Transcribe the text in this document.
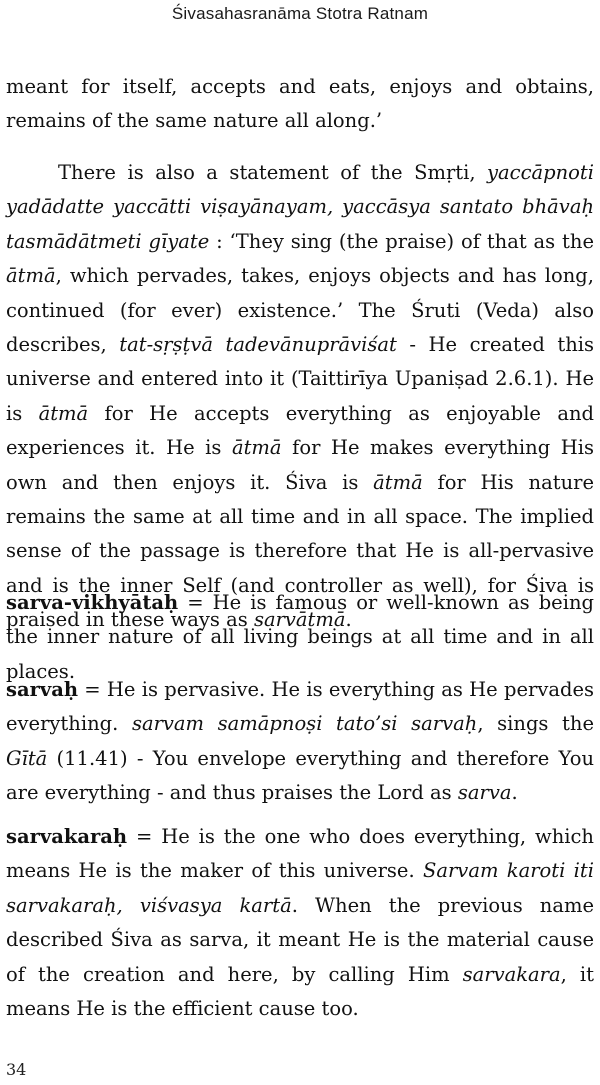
Śivasahasranāma Stotra Ratnam

meant for itself, accepts and eats, enjoys and obtains, remains of the same nature all along.’

There is also a statement of the Smṛti, yaccāpnoti yadādatte yaccātti viṣayānayam, yaccāsya santato bhāvaḥ tasmādātmeti gīyate : ‘They sing (the praise) of that as the ātmā, which pervades, takes, enjoys objects and has long, continued (for ever) existence.’ The Śruti (Veda) also describes, tat-sṛṣṭvā tadevānuprāviśat - He created this universe and entered into it (Taittirīya Upaniṣad 2.6.1). He is ātmā for He accepts everything as enjoyable and experiences it. He is ātmā for He makes everything His own and then enjoys it. Śiva is ātmā for His nature remains the same at all time and in all space. The implied sense of the passage is therefore that He is all-pervasive and is the inner Self (and controller as well), for Śiva is praised in these ways as sarvātmā.

sarva-vikhyātaḥ = He is famous or well-known as being the inner nature of all living beings at all time and in all places.

sarvaḥ = He is pervasive. He is everything as He pervades everything. sarvam samāpnoṣi tato’si sarvaḥ, sings the Gītā (11.41) - You envelope everything and therefore You are everything - and thus praises the Lord as sarva.

sarvakaraḥ = He is the one who does everything, which means He is the maker of this universe. Sarvam karoti iti sarvakaraḥ, viśvasya kartā. When the previous name described Śiva as sarva, it meant He is the material cause of the creation and here, by calling Him sarvakara, it means He is the efficient cause too.

34
